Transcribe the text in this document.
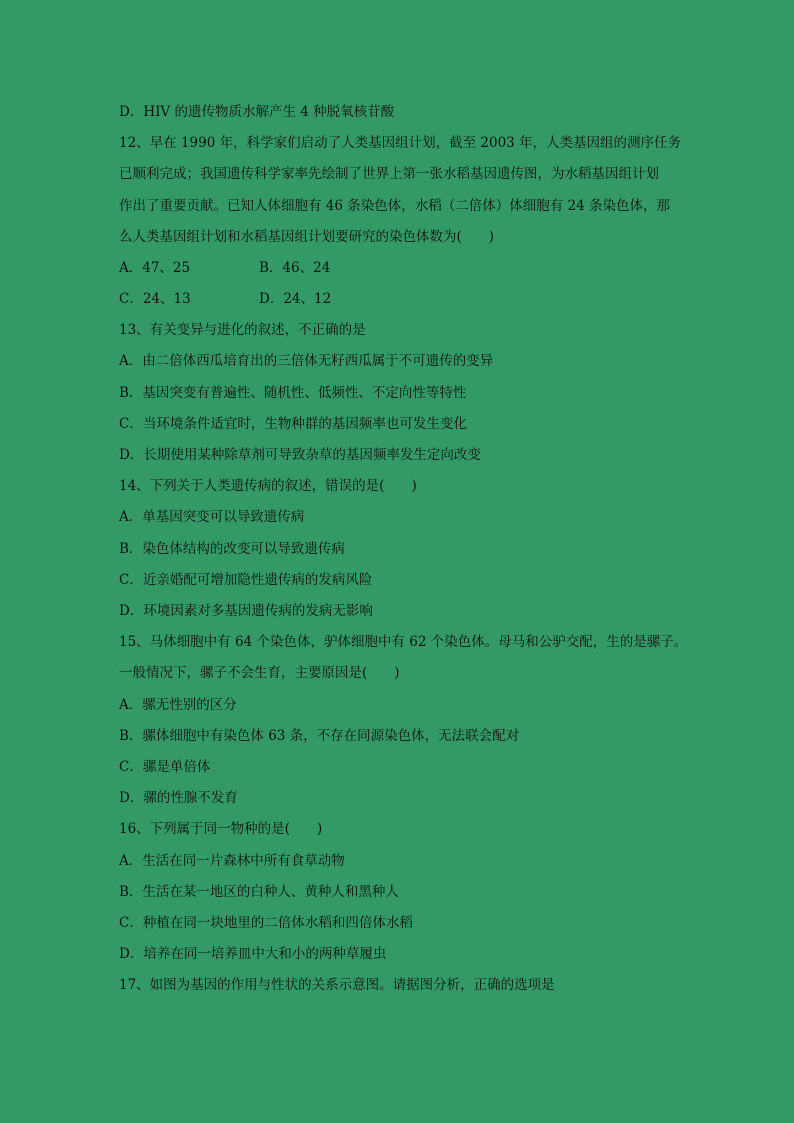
D．HIV 的遗传物质水解产生 4 种脱氧核苷酸
12、早在 1990 年，科学家们启动了人类基因组计划，截至 2003 年，人类基因组的测序任务
已顺利完成；我国遗传科学家率先绘制了世界上第一张水稻基因遗传图，为水稻基因组计划
作出了重要贡献。已知人体细胞有 46 条染色体，水稻（二倍体）体细胞有 24 条染色体，那
么人类基因组计划和水稻基因组计划要研究的染色体数为(　　)
A．47、25	B．46、24
C．24、13	D．24、12
13、有关变异与进化的叙述，不正确的是
A．由二倍体西瓜培育出的三倍体无籽西瓜属于不可遗传的变异
B．基因突变有普遍性、随机性、低频性、不定向性等特性
C．当环境条件适宜时，生物种群的基因频率也可发生变化
D．长期使用某种除草剂可导致杂草的基因频率发生定向改变
14、下列关于人类遗传病的叙述，错误的是(　　)
A．单基因突变可以导致遗传病
B．染色体结构的改变可以导致遗传病
C．近亲婚配可增加隐性遗传病的发病风险
D．环境因素对多基因遗传病的发病无影响
15、马体细胞中有 64 个染色体，驴体细胞中有 62 个染色体。母马和公驴交配，生的是骡子。
一般情况下，骡子不会生育，主要原因是(　　)
A．骡无性别的区分
B．骡体细胞中有染色体 63 条，不存在同源染色体，无法联会配对
C．骡是单倍体
D．骡的性腺不发育
16、下列属于同一物种的是(　　)
A．生活在同一片森林中所有食草动物
B．生活在某一地区的白种人、黄种人和黑种人
C．种植在同一块地里的二倍体水稻和四倍体水稻
D．培养在同一培养皿中大和小的两种草履虫
17、如图为基因的作用与性状的关系示意图。请据图分析，正确的选项是
